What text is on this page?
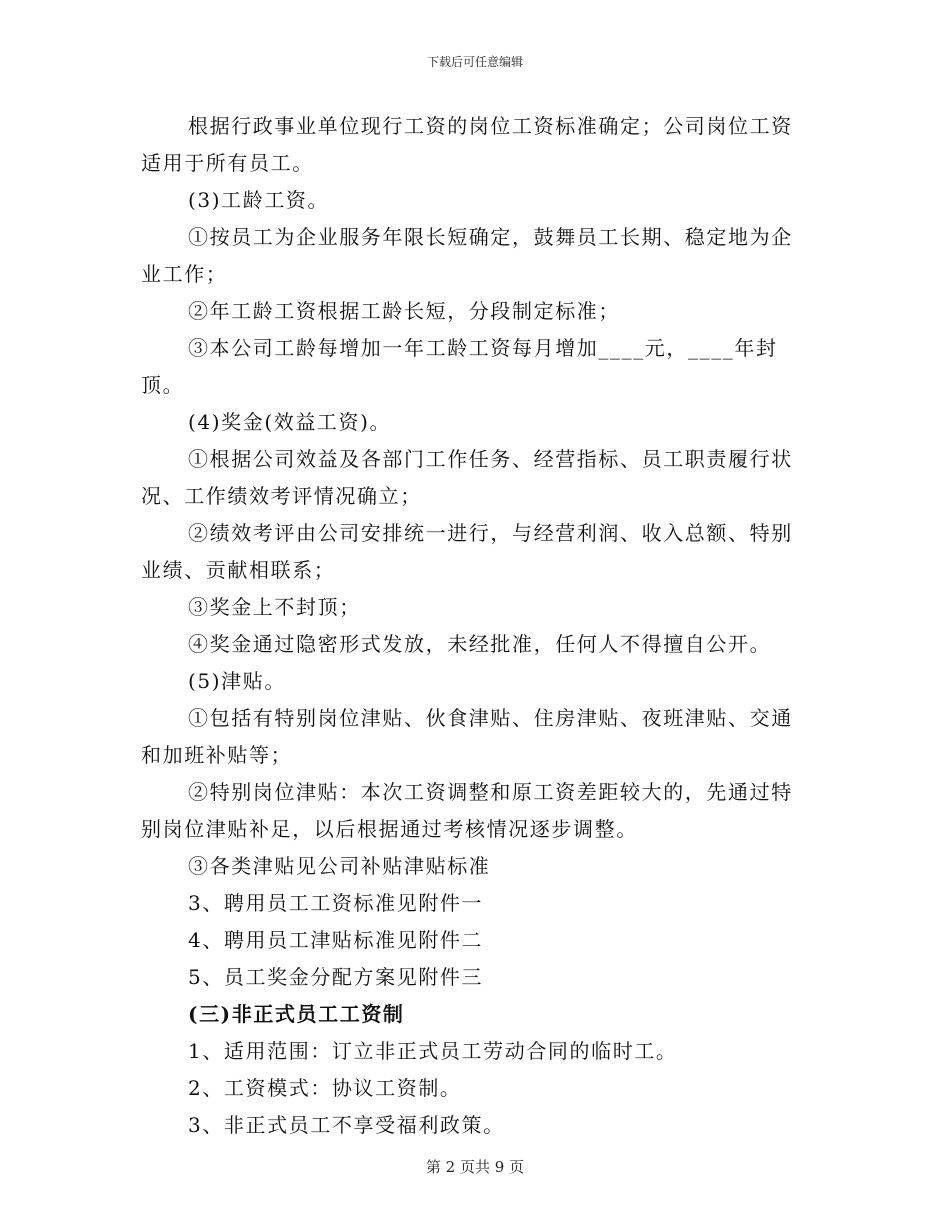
下载后可任意编辑

根据行政事业单位现行工资的岗位工资标准确定；公司岗位工资适用于所有员工。

(3)工龄工资。

①按员工为企业服务年限长短确定，鼓舞员工长期、稳定地为企业工作；

②年工龄工资根据工龄长短，分段制定标准；

③本公司工龄每增加一年工龄工资每月增加____元，____年封顶。

(4)奖金(效益工资)。

①根据公司效益及各部门工作任务、经营指标、员工职责履行状况、工作绩效考评情况确立；

②绩效考评由公司安排统一进行，与经营利润、收入总额、特别业绩、贡献相联系；

③奖金上不封顶；

④奖金通过隐密形式发放，未经批准，任何人不得擅自公开。

(5)津贴。

①包括有特别岗位津贴、伙食津贴、住房津贴、夜班津贴、交通和加班补贴等；

②特别岗位津贴：本次工资调整和原工资差距较大的，先通过特别岗位津贴补足，以后根据通过考核情况逐步调整。

③各类津贴见公司补贴津贴标准

3、聘用员工工资标准见附件一

4、聘用员工津贴标准见附件二

5、员工奖金分配方案见附件三

(三)非正式员工工资制

1、适用范围：订立非正式员工劳动合同的临时工。

2、工资模式：协议工资制。

3、非正式员工不享受福利政策。

第 2 页共 9 页
